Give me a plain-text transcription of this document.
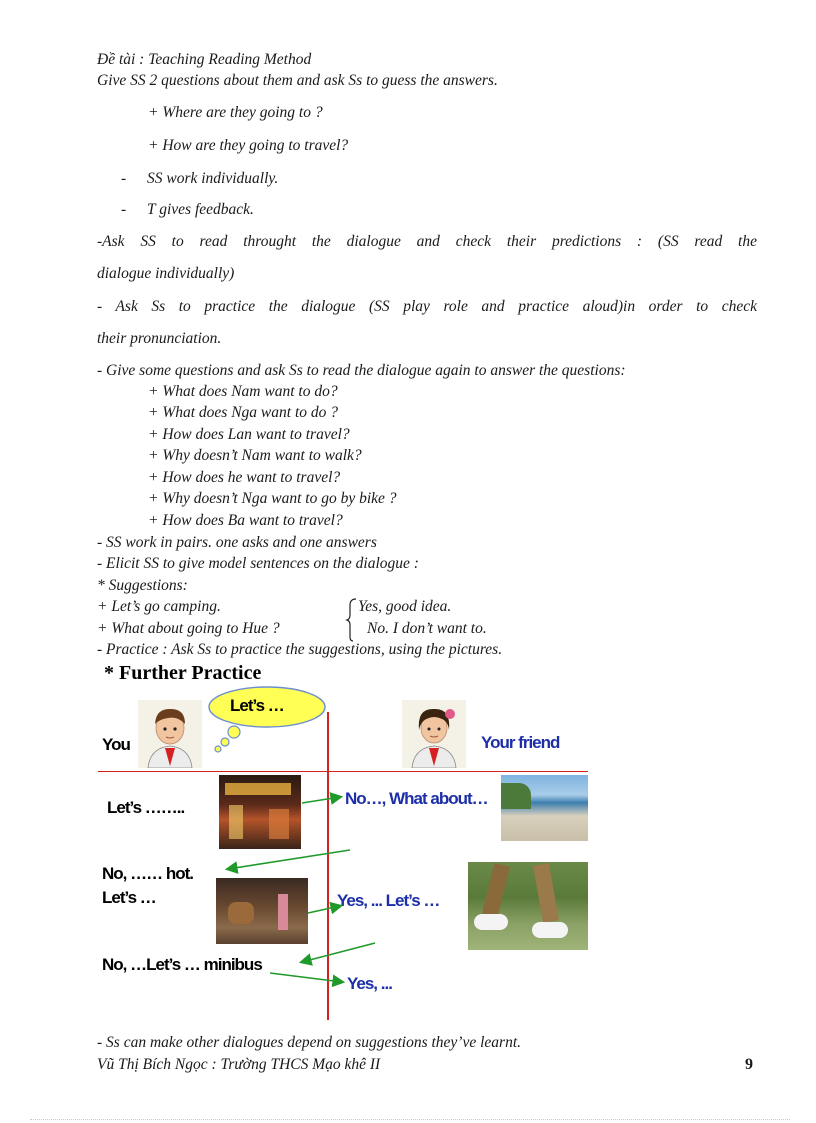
Đề tài : Teaching Reading Method
Give SS 2 questions about them and ask Ss to guess the answers.
+ Where are they going to ?
+ How are they going to travel?
- SS work individually.
- T gives feedback.
-Ask SS to read throught the dialogue and check their predictions : (SS read the
dialogue individually)
- Ask Ss to practice the dialogue (SS play role and practice aloud)in order to check
their pronunciation.
- Give some questions and ask Ss to read the dialogue again to answer the questions:
+ What does Nam want to do?
+ What does Nga want to do ?
+ How does Lan want to travel?
+ Why doesn’t Nam want to walk?
+ How does he want to travel?
+ Why doesn’t Nga want to go by bike ?
+ How does Ba want to travel?
- SS work in pairs. one asks and one answers
- Elicit SS to give model sentences on the dialogue :
* Suggestions:
+ Let’s go camping.	Yes, good idea.
+ What about going to Hue ?	No. I don’t want to.
- Practice : Ask Ss to practice the suggestions, using the pictures.
* Further Practice
Let’s …
You	Your friend
Let’s ……..	No…, What about…
No, …… hot.
Let’s …	Yes, ... Let’s …
No, …Let’s … minibus
Yes, ...
- Ss can make other dialogues depend on suggestions they’ve learnt.
Vũ Thị Bích Ngọc : Trường THCS Mạo khê II	9
